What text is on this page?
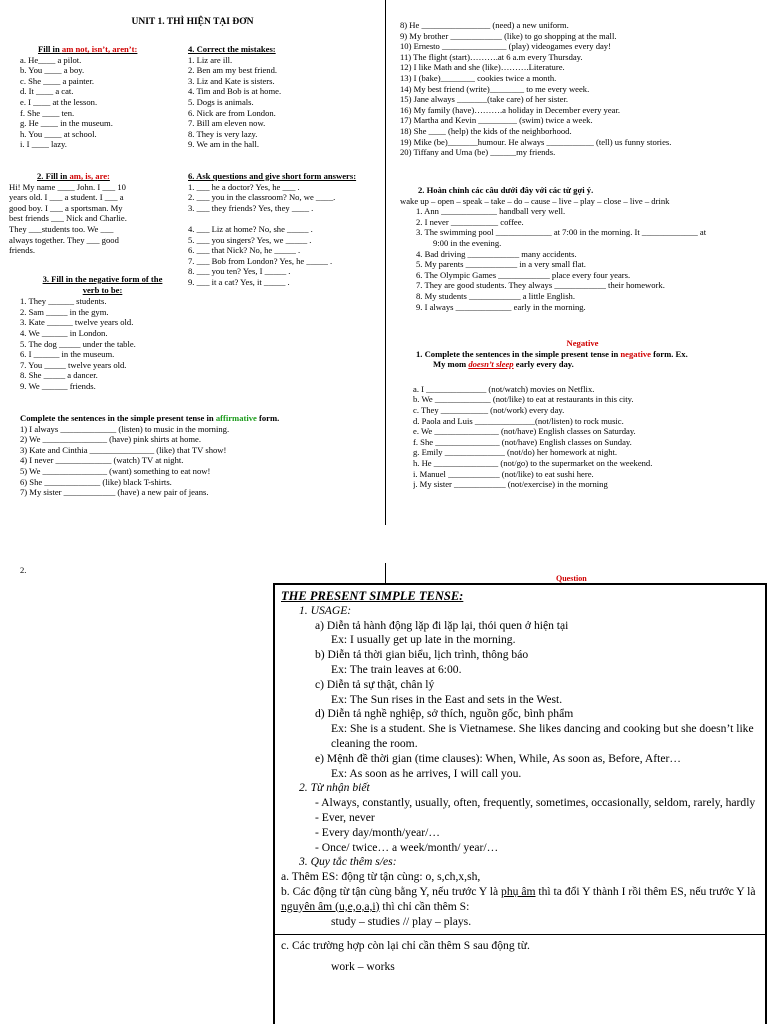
UNIT 1. THÌ HIỆN TẠI ĐƠN
Fill in am not, isn’t, aren’t:
a. He____ a pilot.
b. You ____ a boy.
c. She ____ a painter.
d. It ____ a cat.
e. I ____ at the lesson.
f. She ____ ten.
g. He ____ in the museum.
h. You ____ at school.
i. I ____ lazy.
4. Correct the mistakes:
1. Liz are ill.
2. Ben am my best friend.
3. Liz and Kate is sisters.
4. Tim and Bob is at home.
5. Dogs is animals.
6. Nick are from London.
7. Bill am eleven now.
8. They is very lazy.
9. We am in the hall.
2. Fill in am, is, are:
Hi! My name ____ John. I ___ 10
years old. I ___ a student. I ___ a
good boy. I ___ a sportsman. My
best friends ___ Nick and Charlie.
They ___students too. We ___
always together. They ___ good
friends.
6. Ask questions and give short form answers:
1. ___ he a doctor? Yes, he ___ .
2. ___ you in the classroom? No, we ____.
3. ___ they friends? Yes, they ____ .

4. ___ Liz at home? No, she _____ .
5. ___ you singers? Yes, we _____ .
6. ___ that Nick? No, he _____ .
7. ___ Bob from London? Yes, he _____ .
8. ___ you ten? Yes, I _____ .
9. ___ it a cat? Yes, it _____ .
3. Fill in the negative form of the
verb to be:
1. They ______ students.
2. Sam _____ in the gym.
3. Kate ______ twelve years old.
4. We ______ in London.
5. The dog _____ under the table.
6. I ______ in the museum.
7. You _____ twelve years old.
8. She _____ a dancer.
9. We ______ friends.
Complete the sentences in the simple present tense in affirmative form.
1) I always _____________ (listen) to music in the morning.
2) We _______________ (have) pink shirts at home.
3) Kate and Cinthia _______________ (like) that TV show!
4) I never _____________ (watch) TV at night.
5) We _______________ (want) something to eat now!
6) She _____________ (like) black T-shirts.
7) My sister ____________ (have) a new pair of jeans.
8) He ________________ (need) a new uniform.
9) My brother ____________ (like) to go shopping at the mall.
10) Ernesto _______________ (play) videogames every day!
11) The flight (start)……….at 6 a.m every Thursday.
12) I like Math and she (like)……….Literature.
13) I (bake)________ cookies twice a month.
14) My best friend (write)________ to me every week.
15) Jane always _______(take care) of her sister.
16) My family (have)……….a holiday in December every year.
17) Martha and Kevin _________ (swim) twice a week.
18) She ____ (help) the kids of the neighborhood.
19) Mike (be)_______humour. He always ___________ (tell) us funny stories.
20) Tiffany and Uma (be) ______my friends.
2. Hoàn chỉnh các câu dưới đây với các từ gợi ý.
wake up – open – speak – take – do – cause – live – play – close – live – drink
1. Ann _____________ handball very well.
2. I never ___________ coffee.
3. The swimming pool _____________ at 7:00 in the morning. It _____________ at
9:00 in the evening.
4. Bad driving ____________ many accidents.
5. My parents ____________ in a very small flat.
6. The Olympic Games ____________ place every four years.
7. They are good students. They always ____________ their homework.
8. My students ____________ a little English.
9. I always _____________ early in the morning.
Negative
1. Complete the sentences in the simple present tense in negative form. Ex.
My mom doesn’t sleep early every day.
a. I ______________ (not/watch) movies on Netflix.
b. We _____________ (not/like) to eat at restaurants in this city.
c. They ___________ (not/work) every day.
d. Paola and Luis ______________(not/listen) to rock music.
e. We _______________ (not/have) English classes on Saturday.
f. She _______________ (not/have) English classes on Sunday.
g. Emily ______________ (not/do) her homework at night.
h. He _______________ (not/go) to the supermarket on the weekend.
i. Manuel ____________ (not/like) to eat sushi here.
j. My sister ____________ (not/exercise) in the morning
2.
Question
THE PRESENT SIMPLE TENSE:
1. USAGE:
a) Diễn tả hành động lặp đi lặp lại, thói quen ở hiện tại
Ex: I usually get up late in the morning.
b) Diễn tả thời gian biểu, lịch trình, thông báo
Ex: The train leaves at 6:00.
c) Diễn tả sự thật, chân lý
Ex: The Sun rises in the East and sets in the West.
d) Diễn tả nghề nghiệp, sở thích, nguồn gốc, bình phẩm
Ex: She is a student. She is Vietnamese. She likes dancing and cooking but she doesn’t like cleaning the room.
e) Mệnh đề thời gian (time clauses): When, While, As soon as, Before, After…
Ex: As soon as he arrives, I will call you.
2. Từ nhận biết
- Always, constantly, usually, often, frequently, sometimes, occasionally, seldom, rarely, hardly
- Ever, never
- Every day/month/year/…
- Once/ twice… a week/month/ year/…
3. Quy tắc thêm s/es:
a. Thêm ES: động từ tận cùng: o, s,ch,x,sh,
b. Các động từ tận cùng bằng Y, nếu trước Y là phụ âm thì ta đổi Y thành I rồi thêm ES, nếu trước Y là nguyên âm (u,e,o,a,i) thì chỉ cần thêm S:
study – studies // play – plays.
c. Các trường hợp còn lại chỉ cần thêm S sau động từ.
work – works
